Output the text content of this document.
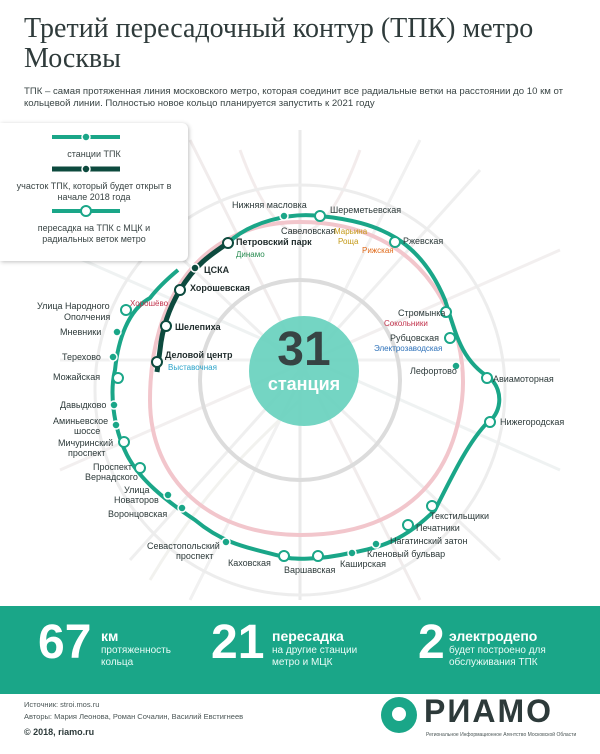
Третий пересадочный контур (ТПК) метро Москвы
ТПК – самая протяженная линия московского метро, которая соединит все радиальные ветки на расстоянии до 10 км от кольцевой линии. Полностью новое кольцо планируется запустить к 2021 году
Нижняя масловка
Савеловская
Шереметьевская
Марьина
Роща
Рижская
Ржевская
Петровский парк
Динамо
ЦСКА
Хорошевская
Хорошёво
Шелепиха
Деловой центр
Выставочная
Улица Народного
Ополчения
Мневники
Терехово
Можайская
Давыдково
Аминьевское
шоссе
Мичуринский
проспект
Проспект
Вернадского
Улица
Новаторов
Воронцовская
Севастопольский
проспект
Каховская
Варшавская
Каширская
Кленовый бульвар
Нагатинский затон
Печатники
Текстильщики
Нижегородская
Авиамоторная
Лефортово
Рубцовская
Электрозаводская
Стромынка
Сокольники
станции ТПК
участок ТПК, который будет открыт в начале 2018 года
пересадка на ТПК с МЦК и радиальных веток метро
31
станция
67 км
протяженность кольца	21 пересадка
на другие станции метро и МЦК	2 электродепо
будет построено для обслуживания ТПК
Источник: stroi.mos.ru
Авторы: Мария Леонова, Роман Сочалин, Василий Евстигнеев
© 2018, riamo.ru
РИАМО
Региональное Информационное Агентство Московской Области
